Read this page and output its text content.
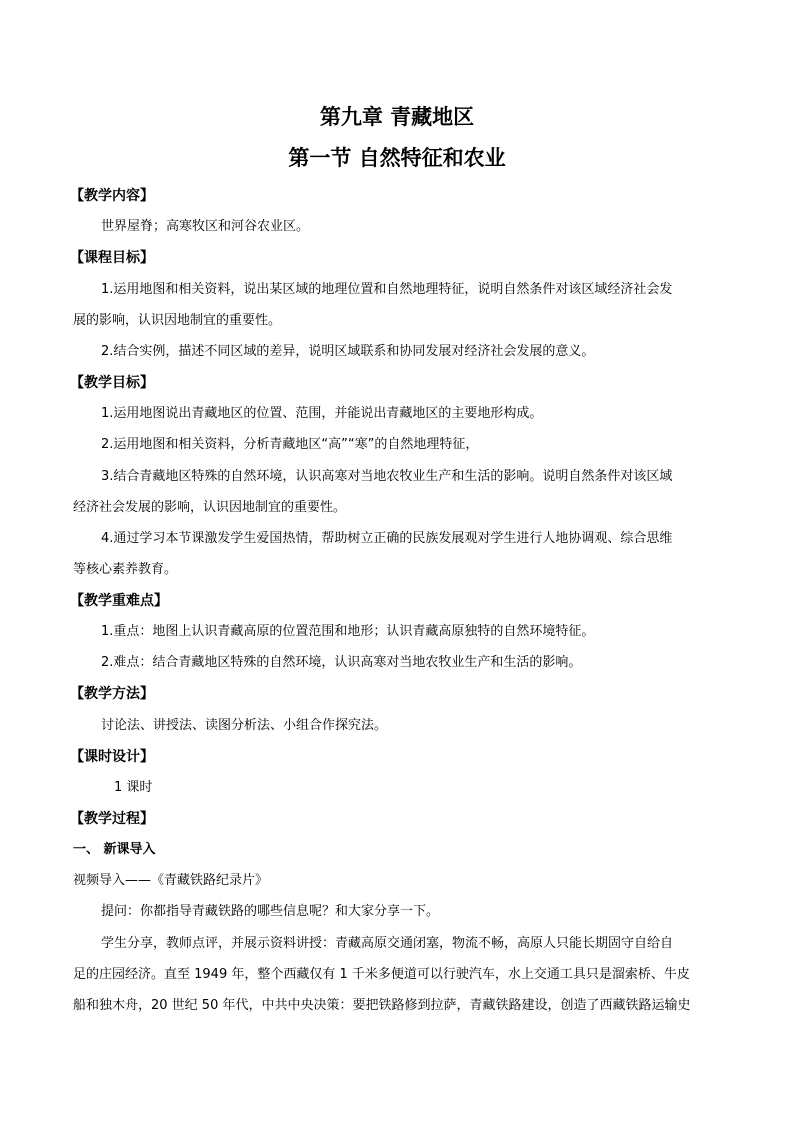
第九章 青藏地区
第一节 自然特征和农业
【教学内容】
世界屋脊；高寒牧区和河谷农业区。
【课程目标】
1.运用地图和相关资料，说出某区域的地理位置和自然地理特征，说明自然条件对该区域经济社会发
展的影响，认识因地制宜的重要性。
2.结合实例，描述不同区域的差异，说明区域联系和协同发展对经济社会发展的意义。
【教学目标】
1.运用地图说出青藏地区的位置、范围，并能说出青藏地区的主要地形构成。
2.运用地图和相关资料，分析青藏地区“高”“寒”的自然地理特征，
3.结合青藏地区特殊的自然环境，认识高寒对当地农牧业生产和生活的影响。说明自然条件对该区域
经济社会发展的影响，认识因地制宜的重要性。
4.通过学习本节课激发学生爱国热情，帮助树立正确的民族发展观对学生进行人地协调观、综合思维
等核心素养教育。
【教学重难点】
1.重点：地图上认识青藏高原的位置范围和地形；认识青藏高原独特的自然环境特征。
2.难点：结合青藏地区特殊的自然环境，认识高寒对当地农牧业生产和生活的影响。
【教学方法】
讨论法、讲授法、读图分析法、小组合作探究法。
【课时设计】
1 课时
【教学过程】
一、 新课导入
视频导入——《青藏铁路纪录片》
提问：你都指导青藏铁路的哪些信息呢？和大家分享一下。
学生分享，教师点评，并展示资料讲授：青藏高原交通闭塞，物流不畅，高原人只能长期固守自给自
足的庄园经济。直至 1949 年，整个西藏仅有 1 千米多便道可以行驶汽车，水上交通工具只是溜索桥、牛皮
船和独木舟，20 世纪 50 年代，中共中央决策：要把铁路修到拉萨，青藏铁路建设，创造了西藏铁路运输史
